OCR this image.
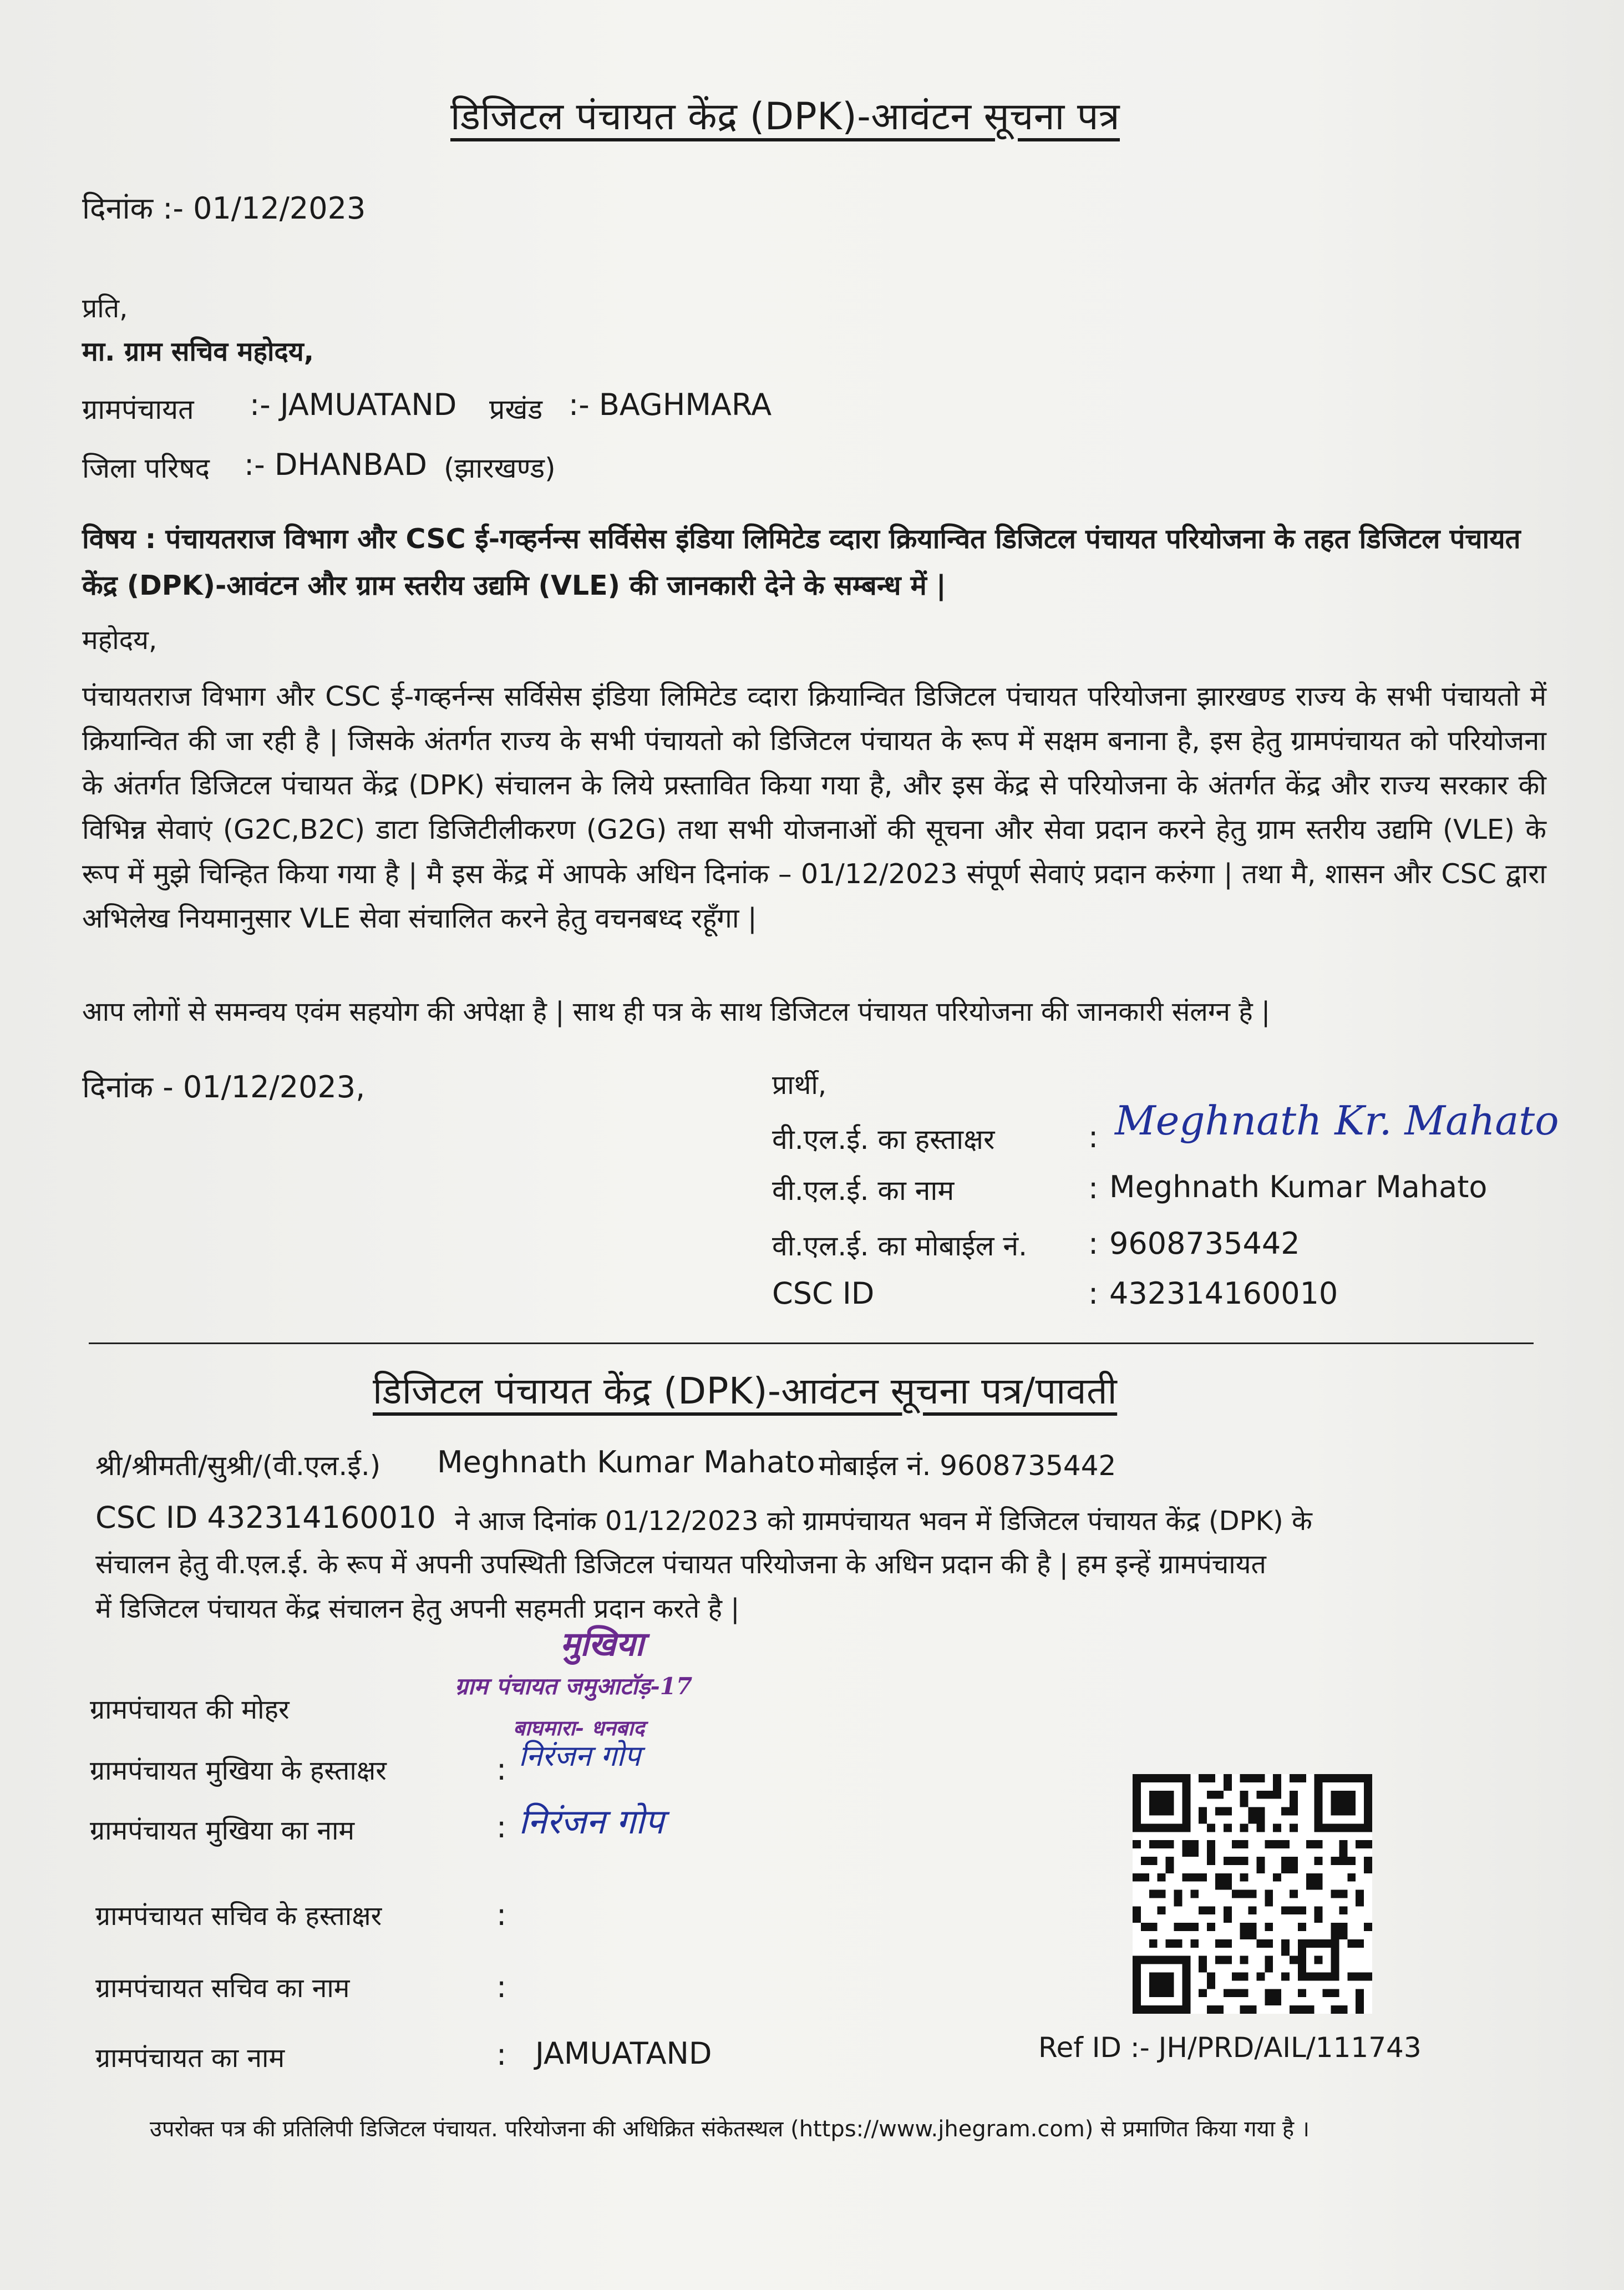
डिजिटल पंचायत केंद्र (DPK)-आवंटन सूचना पत्र
दिनांक :- 01/12/2023
प्रति,
मा. ग्राम सचिव महोदय,
ग्रामपंचायत :- JAMUATAND प्रखंड :- BAGHMARA
जिला परिषद :- DHANBAD (झारखण्ड)
विषय : पंचायतराज विभाग और CSC ई-गव्हर्नन्स सर्विसेस इंडिया लिमिटेड व्दारा क्रियान्वित डिजिटल पंचायत परियोजना के तहत डिजिटल पंचायत केंद्र (DPK)-आवंटन और ग्राम स्तरीय उद्यमि (VLE) की जानकारी देने के सम्बन्ध में |
महोदय,
पंचायतराज विभाग और CSC ई-गव्हर्नन्स सर्विसेस इंडिया लिमिटेड व्दारा क्रियान्वित डिजिटल पंचायत परियोजना झारखण्ड राज्य के सभी पंचायतो में क्रियान्वित की जा रही है | जिसके अंतर्गत राज्य के सभी पंचायतो को डिजिटल पंचायत के रूप में सक्षम बनाना है, इस हेतु ग्रामपंचायत को परियोजना के अंतर्गत डिजिटल पंचायत केंद्र (DPK) संचालन के लिये प्रस्तावित किया गया है, और इस केंद्र से परियोजना के अंतर्गत केंद्र और राज्य सरकार की विभिन्न सेवाएं (G2C,B2C) डाटा डिजिटीलीकरण (G2G) तथा सभी योजनाओं की सूचना और सेवा प्रदान करने हेतु ग्राम स्तरीय उद्यमि (VLE) के रूप में मुझे चिन्हित किया गया है | मै इस केंद्र में आपके अधिन दिनांक – 01/12/2023 संपूर्ण सेवाएं प्रदान करुंगा | तथा मै, शासन और CSC द्वारा अभिलेख नियमानुसार VLE सेवा संचालित करने हेतु वचनबध्द रहूँगा |
आप लोगों से समन्वय एवंम सहयोग की अपेक्षा है | साथ ही पत्र के साथ डिजिटल पंचायत परियोजना की जानकारी संलग्न है |
दिनांक - 01/12/2023,	प्रार्थी,
वी.एल.ई. का हस्ताक्षर	: Meghnath Kr. Mahato
वी.एल.ई. का नाम	: Meghnath Kumar Mahato
वी.एल.ई. का मोबाईल नं. : 9608735442
CSC ID	: 432314160010
डिजिटल पंचायत केंद्र (DPK)-आवंटन सूचना पत्र/पावती
श्री/श्रीमती/सुश्री/(वी.एल.ई.) Meghnath Kumar Mahato मोबाईल नं. 9608735442
CSC ID 432314160010 ने आज दिनांक 01/12/2023 को ग्रामपंचायत भवन में डिजिटल पंचायत केंद्र (DPK) के
संचालन हेतु वी.एल.ई. के रूप में अपनी उपस्थिती डिजिटल पंचायत परियोजना के अधिन प्रदान की है | हम इन्हें ग्रामपंचायत
में डिजिटल पंचायत केंद्र संचालन हेतु अपनी सहमती प्रदान करते है |
मुखिया
ग्राम पंचायत जमुआटॉड़-17
बाघमारा- धनबाद
ग्रामपंचायत की मोहर
ग्रामपंचायत मुखिया के हस्ताक्षर	: निरंजन गोप
ग्रामपंचायत मुखिया का नाम	: निरंजन गोप
ग्रामपंचायत सचिव के हस्ताक्षर	:
ग्रामपंचायत सचिव का नाम	:
ग्रामपंचायत का नाम	: JAMUATAND	Ref ID :- JH/PRD/AIL/111743
उपरोक्त पत्र की प्रतिलिपी डिजिटल पंचायत. परियोजना की अधिक्रित संकेतस्थल (https://www.jhegram.com) से प्रमाणित किया गया है ।
